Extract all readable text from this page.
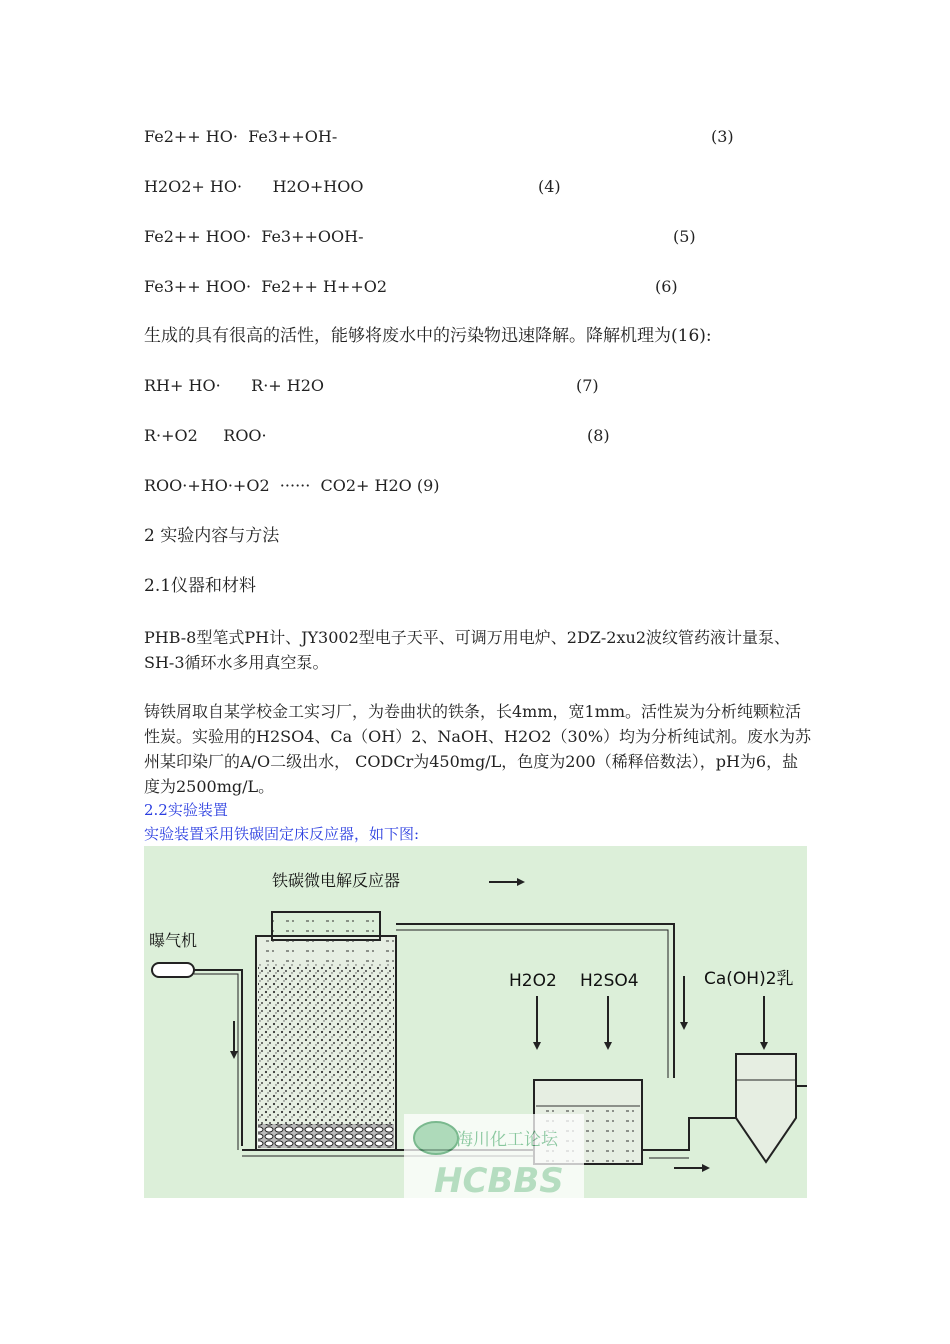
Fe2++ HO·  Fe3++OH-	(3)
H2O2+ HO·      H2O+HOO	(4)
Fe2++ HOO·  Fe3++OOH-	(5)
Fe3++ HOO·  Fe2++ H++O2	(6)
生成的具有很高的活性，能够将废水中的污染物迅速降解。降解机理为(16):
RH+ HO·      R·+ H2O	(7)
R·+O2     ROO·	(8)
ROO·+HO·+O2  ······  CO2+ H2O (9)
2 实验内容与方法
2.1仪器和材料
PHB-8型笔式PH计、JY3002型电子天平、可调万用电炉、2DZ-2xu2波纹管药液计量泵、SH-3循环水多用真空泵。
铸铁屑取自某学校金工实习厂，为卷曲状的铁条，长4mm，宽1mm。活性炭为分析纯颗粒活性炭。实验用的H2SO4、Ca（OH）2、NaOH、H2O2（30%）均为分析纯试剂。废水为苏州某印染厂的A/O二级出水， CODCr为450mg/L，色度为200（稀释倍数法），pH为6，盐度为2500mg/L。
2.2实验装置
实验装置采用铁碳固定床反应器，如下图:
铁碳微电解反应器
曝气机
H2O2 H2SO4	Ca(OH)2乳
海川化工论坛
HCBBS
